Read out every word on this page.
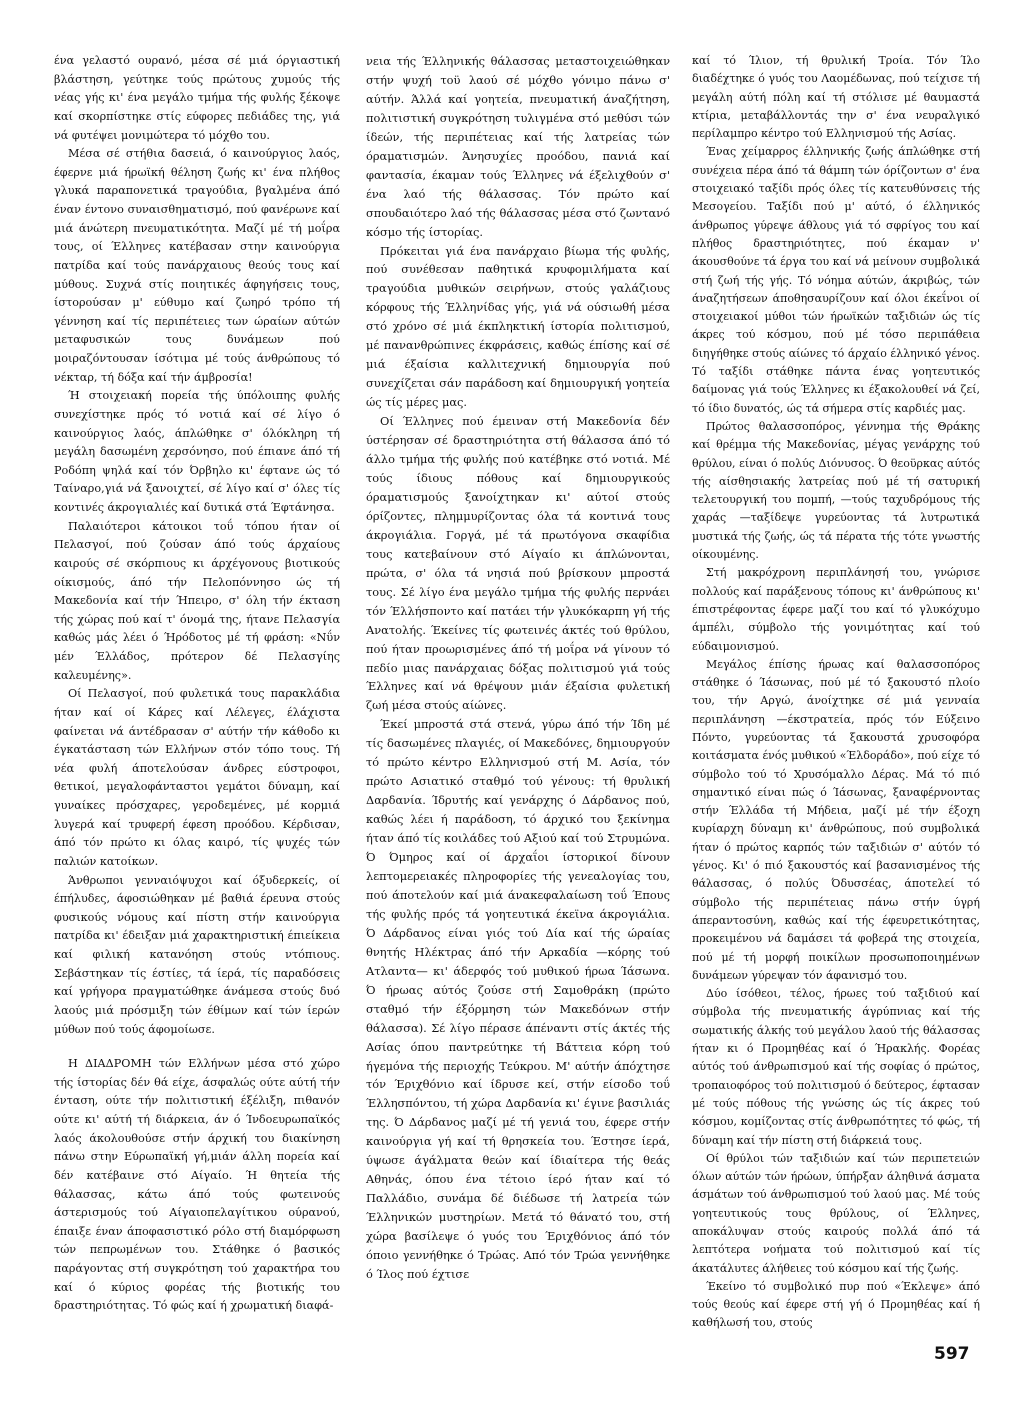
ένα γελαστό ουρανό, μέσα σέ μιά όργιαστική βλάστηση, γεύτηκε τούς πρώτους χυμούς τής νέας γής κι' ένα μεγάλο τμήμα τής φυλής ξέκοψε καί σκορπίστηκε στίς εύφορες πεδιάδες της, γιά νά φυτέψει μονιμώτερα τό μόχθο του.

Μέσα σέ στήθια δασειά, ό καινούργιος λαός, έφερνε μιά ήρωϊκή θέληση ζωής κι' ένα πλήθος γλυκά παραπονετικά τραγούδια, βγαλμένα άπό έναν έντονο συναισθηματισμό, πού φανέρωνε καί μιά άνώτερη πνευματικότητα. Μαζί μέ τή μοΐρα τους, οί Έλληνες κατέβασαν στην καινούργια πατρίδα καί τούς πανάρχαιους θεούς τους καί μύθους. Συχνά στίς ποιητικές άφηγήσεις τους, ίστορούσαν μ' εύθυμο καί ζωηρό τρόπο τή γέννηση καί τίς περιπέτειες των ώραίων αύτών μεταφυσικών τους δυνάμεων πού μοιραζόντουσαν ίσότιμα μέ τούς άνθρώπους τό νέκταρ, τή δόξα καί τήν άμβροσία!

Ή στοιχειακή πορεία τής ύπόλοιπης φυλής συνεχίστηκε πρός τό νοτιά καί σέ λίγο ό καινούργιος λαός, άπλώθηκε σ' όλόκληρη τή μεγάλη δασωμένη χερσόνησο, πού έπιανε άπό τή Ροδόπη ψηλά καί τόν Όρβηλο κι' έφτανε ώς τό Ταίναρο,γιά νά ξανοιχτεί, σέ λίγο καί σ' όλες τίς κοντινές άκρογιαλιές καί δυτικά στά Έφτάνησα.

Παλαιότεροι κάτοικοι τοΰ τόπου ήταν οί Πελασγοί, πού ζούσαν άπό τούς άρχαίους καιρούς σέ σκόρπιους κι άρχέγονους βιοτικούς οίκισμούς, άπό τήν Πελοπόννησο ώς τή Μακεδονία καί τήν Ήπειρο, σ' όλη τήν έκταση τής χώρας πού καί τ' όνομά της, ήτανε Πελασγία καθώς μάς λέει ό Ήρόδοτος μέ τή φράση: «Νΰν μέν Έλλάδος, πρότερον δέ Πελασγίης καλευμένης».

Οί Πελασγοί, πού φυλετικά τους παρακλάδια ήταν καί οί Κάρες καί Λέλεγες, έλάχιστα φαίνεται νά άντέδρασαν σ' αύτήν τήν κάθοδο κι έγκατάσταση τών Ελλήνων στόν τόπο τους. Τή νέα φυλή άποτελούσαν άνδρες εύστροφοι, θετικοί, μεγαλοφάνταστοι γεμάτοι δύναμη, καί γυναίκες πρόσχαρες, γεροδεμένες, μέ κορμιά λυγερά καί τρυφερή έφεση προόδου. Κέρδισαν, άπό τόν πρώτο κι όλας καιρό, τίς ψυχές τών παλιών κατοίκων.

Άνθρωποι γενναιόψυχοι καί όξυδερκείς, οί έπήλυδες, άφοσιώθηκαν μέ βαθιά έρευνα στούς φυσικούς νόμους καί πίστη στήν καινούργια πατρίδα κι' έδειξαν μιά χαρακτηριστική έπιείκεια καί φιλική κατανόηση στούς ντόπιους. Σεβάστηκαν τίς έστίες, τά ίερά, τίς παραδόσεις καί γρήγορα πραγματώθηκε άνάμεσα στούς δυό λαούς μιά πρόσμιξη τών έθίμων καί τών ίερών μύθων πού τούς άφομοίωσε.

Η ΔΙΑΔΡΟΜΗ τών Ελλήνων μέσα στό χώρο τής ίστορίας δέν θά είχε, άσφαλώς ούτε αύτή τήν ένταση, ούτε τήν πολιτιστική έξέλιξη, πιθανόν ούτε κι' αύτή τή διάρκεια, άν ό Ίνδοευρωπαϊκός λαός άκολουθούσε στήν άρχική του διακίνηση πάνω στην Εύρωπαϊκή γή,μιάν άλλη πορεία καί δέν κατέβαινε στό Αίγαίο. Ή θητεία τής θάλασσας, κάτω άπό τούς φωτεινούς άστερισμούς τού Αίγαιοπελαγίτικου ούρανού, έπαιξε έναν άποφασιστικό ρόλο στή διαμόρφωση τών πεπρωμένων του. Στάθηκε ό βασικός παράγοντας στή συγκρότηση τού χαρακτήρα του καί ό κύριος φορέας τής βιοτικής του δραστηριότητας. Τό φώς καί ή χρωματική διαφά-

νεια τής Έλληνικής θάλασσας μεταστοιχειώθηκαν στήν ψυχή τοϋ λαού σέ μόχθο γόνιμο πάνω σ' αύτήν. Άλλά καί γοητεία, πνευματική άναζήτηση, πολιτιστική συγκρότηση τυλιγμένα στό μεθύσι τών ίδεών, τής περιπέτειας καί τής λατρείας τών όραματισμών. Άνησυχίες προόδου, πανιά καί φαντασία, έκαμαν τούς Έλληνες νά έξελιχθούν σ' ένα λαό τής θάλασσας. Τόν πρώτο καί σπουδαιότερο λαό τής θάλασσας μέσα στό ζωντανό κόσμο τής ίστορίας.

Πρόκειται γιά ένα πανάρχαιο βίωμα τής φυλής, πού συνέθεσαν παθητικά κρυφομιλήματα καί τραγούδια μυθικών σειρήνων, στούς γαλάζιους κόρφους τής Έλληνίδας γής, γιά νά ούσιωθή μέσα στό χρόνο σέ μιά έκπληκτική ίστορία πολιτισμού, μέ πανανθρώπινες έκφράσεις, καθώς έπίσης καί σέ μιά έξαίσια καλλιτεχνική δημιουργία πού συνεχίζεται σάν παράδοση καί δημιουργική γοητεία ώς τίς μέρες μας.

Οί Έλληνες πού έμειναν στή Μακεδονία δέν ύστέρησαν σέ δραστηριότητα στή θάλασσα άπό τό άλλο τμήμα τής φυλής πού κατέβηκε στό νοτιά. Μέ τούς ίδιους πόθους καί δημιουργικούς όραματισμούς ξανοίχτηκαν κι' αύτοί στούς όρίζοντες, πλημμυρίζοντας όλα τά κοντινά τους άκρογιάλια. Γοργά, μέ τά πρωτόγονα σκαφίδια τους κατεβαίνουν στό Αίγαίο κι άπλώνονται, πρώτα, σ' όλα τά νησιά πού βρίσκουν μπροστά τους. Σέ λίγο ένα μεγάλο τμήμα τής φυλής περνάει τόν Έλλήσποντο καί πατάει τήν γλυκόκαρπη γή τής Ανατολής. Έκείνες τίς φωτεινές άκτές τού θρύλου, πού ήταν προωρισμένες άπό τή μοΐρα νά γίνουν τό πεδίο μιας πανάρχαιας δόξας πολιτισμού γιά τούς Έλληνες καί νά θρέψουν μιάν έξαίσια φυλετική ζωή μέσα στούς αίώνες.

Έκεί μπροστά στά στενά, γύρω άπό τήν Ίδη μέ τίς δασωμένες πλαγιές, οί Μακεδόνες, δημιουργούν τό πρώτο κέντρο Ελληνισμού στή Μ. Ασία, τόν πρώτο Ασιατικό σταθμό τού γένους: τή θρυλική Δαρδανία. Ίδρυτής καί γενάρχης ό Δάρδανος πού, καθώς λέει ή παράδοση, τό άρχικό του ξεκίνημα ήταν άπό τίς κοιλάδες τού Αξιού καί τού Στρυμώνα. Ό Όμηρος καί οί άρχαΐοι ίστορικοί δίνουν λεπτομερειακές πληροφορίες τής γενεαλογίας του, πού άποτελούν καί μιά άνακεφαλαίωση τοΰ Έπους τής φυλής πρός τά γοητευτικά έκεϊνα άκρογιάλια. Ό Δάρδανος είναι γιός τού Δία καί τής ώραίας θνητής Ηλέκτρας άπό τήν Αρκαδία —κόρης τού Ατλαντα— κι' άδερφός τού μυθικού ήρωα Ίάσωνα. Ό ήρωας αύτός ζούσε στή Σαμοθράκη (πρώτο σταθμό τήν έξόρμηση τών Μακεδόνων στήν θάλασσα). Σέ λίγο πέρασε άπέναντι στίς άκτές τής Ασίας όπου παντρεύτηκε τή Βάττεια κόρη τού ήγεμόνα τής περιοχής Τεύκρου. Μ' αύτήν άπόχτησε τόν Έριχθόνιο καί ίδρυσε κεί, στήν είσοδο τοΰ Έλλησπόντου, τή χώρα Δαρδανία κι' έγινε βασιλιάς της. Ό Δάρδανος μαζί μέ τή γενιά του, έφερε στήν καινούργια γή καί τή θρησκεία του. Έστησε ίερά, ύψωσε άγάλματα θεών καί ίδιαίτερα τής θεάς Αθηνάς, όπου ένα τέτοιο ίερό ήταν καί τό Παλλάδιο, συνάμα δέ διέδωσε τή λατρεία τών Έλληνικών μυστηρίων. Μετά τό θάνατό του, στή χώρα βασίλεψε ό γυός του Έριχθόνιος άπό τόν όποιο γεννήθηκε ό Τρώας. Από τόν Τρώα γεννήθηκε ό Ίλος πού έχτισε

καί τό Ίλιον, τή θρυλική Τροία. Τόν Ίλο διαδέχτηκε ό γυός του Λαομέδωνας, πού τείχισε τή μεγάλη αύτή πόλη καί τή στόλισε μέ θαυμαστά κτίρια, μεταβάλλοντάς την σ' ένα νευραλγικό περίλαμπρο κέντρο τού Ελληνισμού τής Ασίας.

Ένας χείμαρρος έλληνικής ζωής άπλώθηκε στή συνέχεια πέρα άπό τά θάμπη τών όρίζοντων σ' ένα στοιχειακό ταξίδι πρός όλες τίς κατευθύνσεις τής Μεσογείου. Ταξίδι πού μ' αύτό, ό έλληνικός άνθρωπος γύρεψε άθλους γιά τό σφρίγος του καί πλήθος δραστηριότητες, πού έκαμαν ν' άκουσθούνε τά έργα του καί νά μείνουν συμβολικά στή ζωή τής γής. Τό νόημα αύτών, άκριβώς, τών άναζητήσεων άποθησαυρίζουν καί όλοι έκεΐνοι οί στοιχειακοί μύθοι τών ήρωϊκών ταξιδιών ώς τίς άκρες τού κόσμου, πού μέ τόσο περιπάθεια διηγήθηκε στούς αίώνες τό άρχαίο έλληνικό γένος. Τό ταξίδι στάθηκε πάντα ένας γοητευτικός δαίμονας γιά τούς Έλληνες κι έξακολουθεί νά ζεί, τό ίδιο δυνατός, ώς τά σήμερα στίς καρδιές μας.

Πρώτος θαλασσοπόρος, γέννημα τής Θράκης καί θρέμμα τής Μακεδονίας, μέγας γενάρχης τού θρύλου, είναι ό πολύς Διόνυσος. Ό θεοϋρκας αύτός τής αίσθησιακής λατρείας πού μέ τή σατυρική τελετουργική του πομπή, —τούς ταχυδρόμους τής χαράς —ταξίδεψε γυρεύοντας τά λυτρωτικά μυστικά τής ζωής, ώς τά πέρατα τής τότε γνωστής οίκουμένης.

Στή μακρόχρονη περιπλάνησή του, γνώρισε πολλούς καί παράξενους τόπους κι' άνθρώπους κι' έπιστρέφοντας έφερε μαζί του καί τό γλυκόχυμο άμπέλι, σύμβολο τής γονιμότητας καί τού εύδαιμονισμού.

Μεγάλος έπίσης ήρωας καί θαλασσοπόρος στάθηκε ό Ίάσωνας, πού μέ τό ξακουστό πλοίο του, τήν Αργώ, άνοίχτηκε σέ μιά γενναία περιπλάνηση —έκστρατεία, πρός τόν Εύξεινο Πόντο, γυρεύοντας τά ξακουστά χρυσοφόρα κοιτάσματα ένός μυθικού «Έλδοράδο», πού είχε τό σύμβολο τού τό Χρυσόμαλλο Δέρας. Μά τό πιό σημαντικό είναι πώς ό Ίάσωνας, ξαναφέρνοντας στήν Έλλάδα τή Μήδεια, μαζί μέ τήν έξοχη κυρίαρχη δύναμη κι' άνθρώπους, πού συμβολικά ήταν ό πρώτος καρπός τών ταξιδιών σ' αύτόν τό γένος. Κι' ό πιό ξακουστός καί βασανισμένος τής θάλασσας, ό πολύς Όδυσσέας, άποτελεί τό σύμβολο τής περιπέτειας πάνω στήν ύγρή άπεραντοσύνη, καθώς καί τής έφευρετικότητας, προκειμένου νά δαμάσει τά φοβερά της στοιχεία, πού μέ τή μορφή ποικίλων προσωποποιημένων δυνάμεων γύρεψαν τόν άφανισμό του.

Δύο ίσόθεοι, τέλος, ήρωες τού ταξιδιού καί σύμβολα τής πνευματικής άγρύπνιας καί τής σωματικής άλκής τού μεγάλου λαού τής θάλασσας ήταν κι ό Προμηθέας καί ό Ήρακλής. Φορέας αύτός τού άνθρωπισμού καί τής σοφίας ό πρώτος, τροπαιοφόρος τού πολιτισμού ό δεύτερος, έφτασαν μέ τούς πόθους τής γνώσης ώς τίς άκρες τού κόσμου, κομίζοντας στίς άνθρωπότητες τό φώς, τή δύναμη καί τήν πίστη στή διάρκειά τους.

Οί θρύλοι τών ταξιδιών καί τών περιπετειών όλων αύτών τών ήρώων, ύπήρξαν άληθινά άσματα άσμάτων τού άνθρωπισμού τού λαού μας. Μέ τούς γοητευτικούς τους θρύλους, οί Έλληνες, αποκάλυψαν στούς καιρούς πολλά άπό τά λεπτότερα νοήματα τού πολιτισμού καί τίς άκατάλυτες άλήθειες τού κόσμου καί τής ζωής.

Έκείνο τό συμβολικό πυρ πού «Έκλεψε» άπό τούς θεούς καί έφερε στή γή ό Προμηθέας καί ή καθήλωσή του, στούς

597
